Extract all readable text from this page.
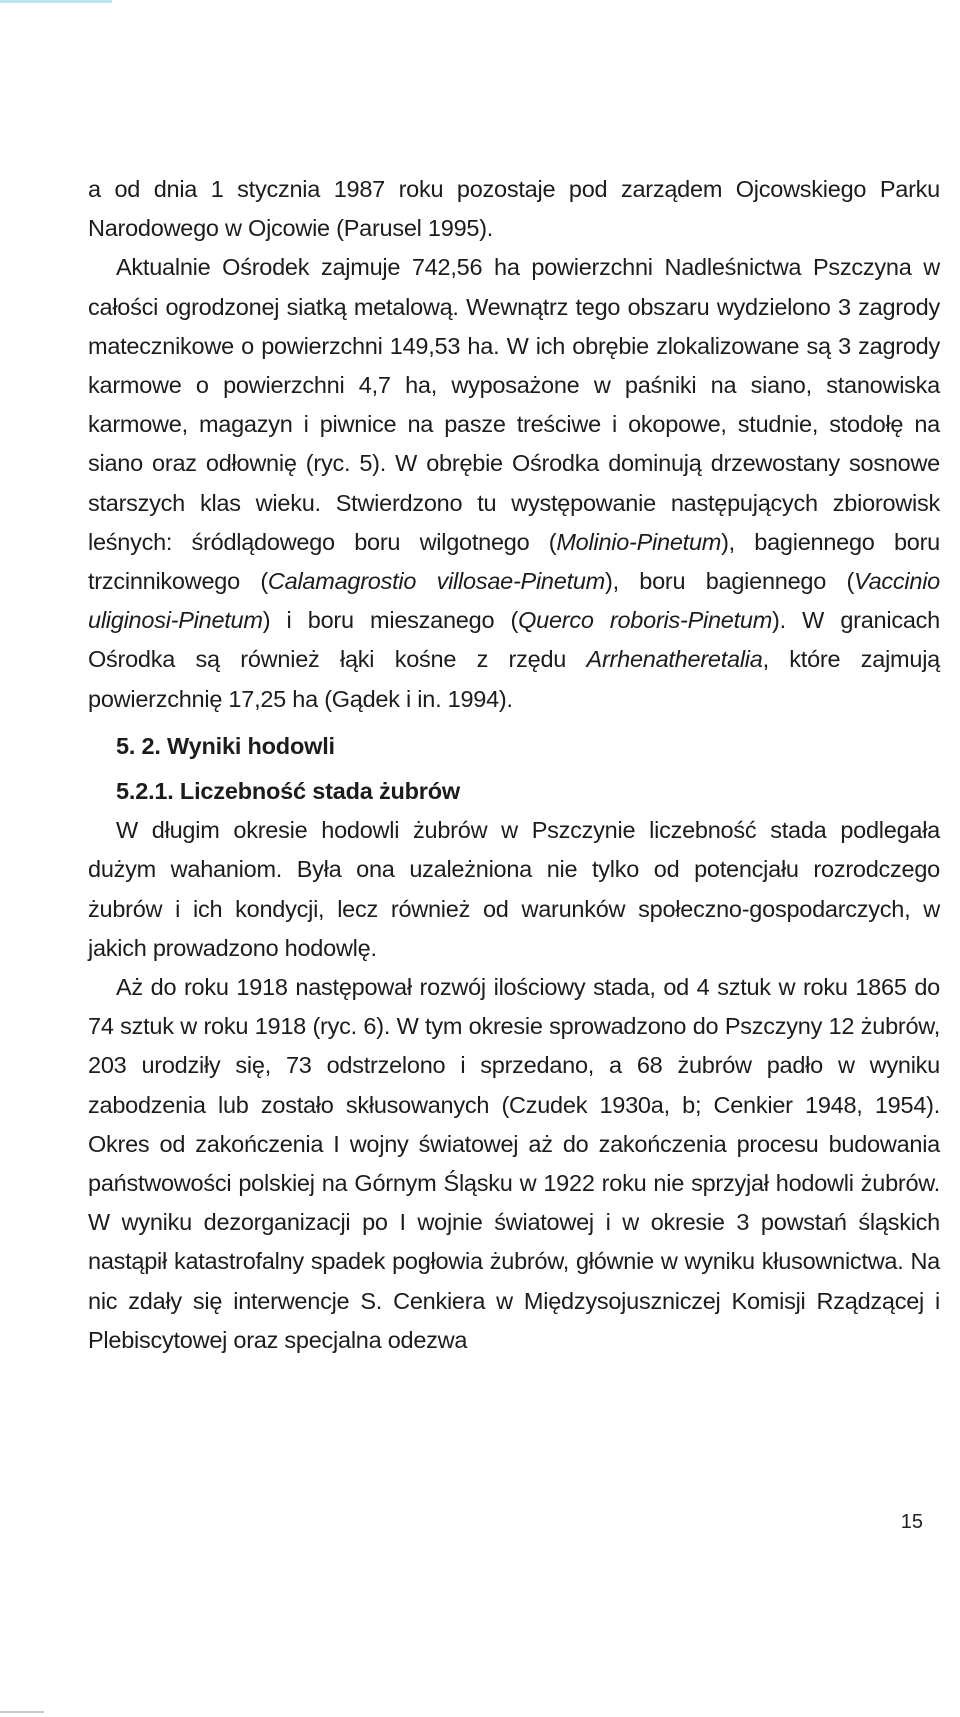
a od dnia 1 stycznia 1987 roku pozostaje pod zarządem Ojcowskiego Parku Narodowego w Ojcowie (Parusel 1995).

Aktualnie Ośrodek zajmuje 742,56 ha powierzchni Nadleśnictwa Pszczyna w całości ogrodzonej siatką metalową. Wewnątrz tego obszaru wydzielono 3 zagrody matecznikowe o powierzchni 149,53 ha. W ich obrębie zlokalizowane są 3 zagrody karmowe o powierzchni 4,7 ha, wyposażone w paśniki na siano, stanowiska karmowe, magazyn i piwnice na pasze treściwe i okopowe, studnie, stodołę na siano oraz odłownię (ryc. 5). W obrębie Ośrodka dominują drzewostany sosnowe starszych klas wieku. Stwierdzono tu występowanie następujących zbiorowisk leśnych: śródlądowego boru wilgotnego (Molinio-Pinetum), bagiennego boru trzcinnikowego (Calamagrostio villosae-Pinetum), boru bagiennego (Vaccinio uliginosi-Pinetum) i boru mieszanego (Querco roboris-Pinetum). W granicach Ośrodka są również łąki kośne z rzędu Arrhenatheretalia, które zajmują powierzchnię 17,25 ha (Gądek i in. 1994).

5. 2. Wyniki hodowli
5.2.1. Liczebność stada żubrów

W długim okresie hodowli żubrów w Pszczynie liczebność stada podlegała dużym wahaniom. Była ona uzależniona nie tylko od potencjału rozrodczego żubrów i ich kondycji, lecz również od warunków społeczno-gospodarczych, w jakich prowadzono hodowlę.

Aż do roku 1918 następował rozwój ilościowy stada, od 4 sztuk w roku 1865 do 74 sztuk w roku 1918 (ryc. 6). W tym okresie sprowadzono do Pszczyny 12 żubrów, 203 urodziły się, 73 odstrzelono i sprzedano, a 68 żubrów padło w wyniku zabodzenia lub zostało skłusowanych (Czudek 1930a, b; Cenkier 1948, 1954). Okres od zakończenia I wojny światowej aż do zakończenia procesu budowania państwowości polskiej na Górnym Śląsku w 1922 roku nie sprzyjał hodowli żubrów. W wyniku dezorganizacji po I wojnie światowej i w okresie 3 powstań śląskich nastąpił katastrofalny spadek pogłowia żubrów, głównie w wyniku kłusownictwa. Na nic zdały się interwencje S. Cenkiera w Międzysojuszniczej Komisji Rządzącej i Plebiscytowej oraz specjalna odezwa

15
